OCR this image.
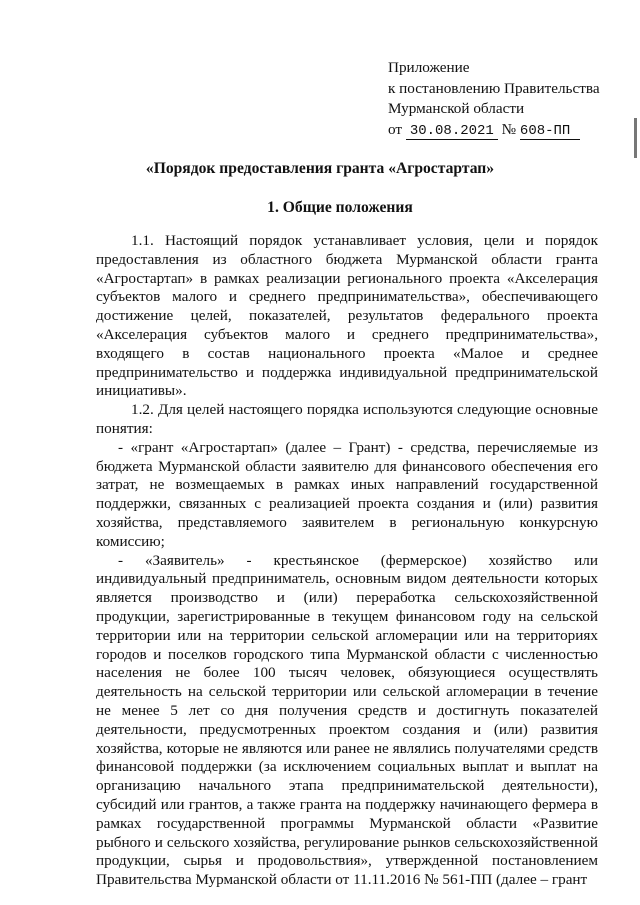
Приложение
к постановлению Правительства
Мурманской области
от 30.08.2021 № 608-ПП
«Порядок предоставления гранта «Агростартап»
1. Общие положения

1.1. Настоящий порядок устанавливает условия, цели и порядок предоставления из областного бюджета Мурманской области гранта «Агростартап» в рамках реализации регионального проекта «Акселерация субъектов малого и среднего предпринимательства», обеспечивающего достижение целей, показателей, результатов федерального проекта «Акселерация субъектов малого и среднего предпринимательства», входящего в состав национального проекта «Малое и среднее предпринимательство и поддержка индивидуальной предпринимательской инициативы».

1.2. Для целей настоящего порядка используются следующие основные понятия:

- «грант «Агростартап» (далее – Грант) - средства, перечисляемые из бюджета Мурманской области заявителю для финансового обеспечения его затрат, не возмещаемых в рамках иных направлений государственной поддержки, связанных с реализацией проекта создания и (или) развития хозяйства, представляемого заявителем в региональную конкурсную комиссию;

- «Заявитель» - крестьянское (фермерское) хозяйство или индивидуальный предприниматель, основным видом деятельности которых является производство и (или) переработка сельскохозяйственной продукции, зарегистрированные в текущем финансовом году на сельской территории или на территории сельской агломерации или на территориях городов и поселков городского типа Мурманской области с численностью населения не более 100 тысяч человек, обязующиеся осуществлять деятельность на сельской территории или сельской агломерации в течение не менее 5 лет со дня получения средств и достигнуть показателей деятельности, предусмотренных проектом создания и (или) развития хозяйства, которые не являются или ранее не являлись получателями средств финансовой поддержки (за исключением социальных выплат и выплат на организацию начального этапа предпринимательской деятельности), субсидий или грантов, а также гранта на поддержку начинающего фермера в рамках государственной программы Мурманской области «Развитие рыбного и сельского хозяйства, регулирование рынков сельскохозяйственной продукции, сырья и продовольствия», утвержденной постановлением Правительства Мурманской области от 11.11.2016 № 561-ПП (далее – грант
